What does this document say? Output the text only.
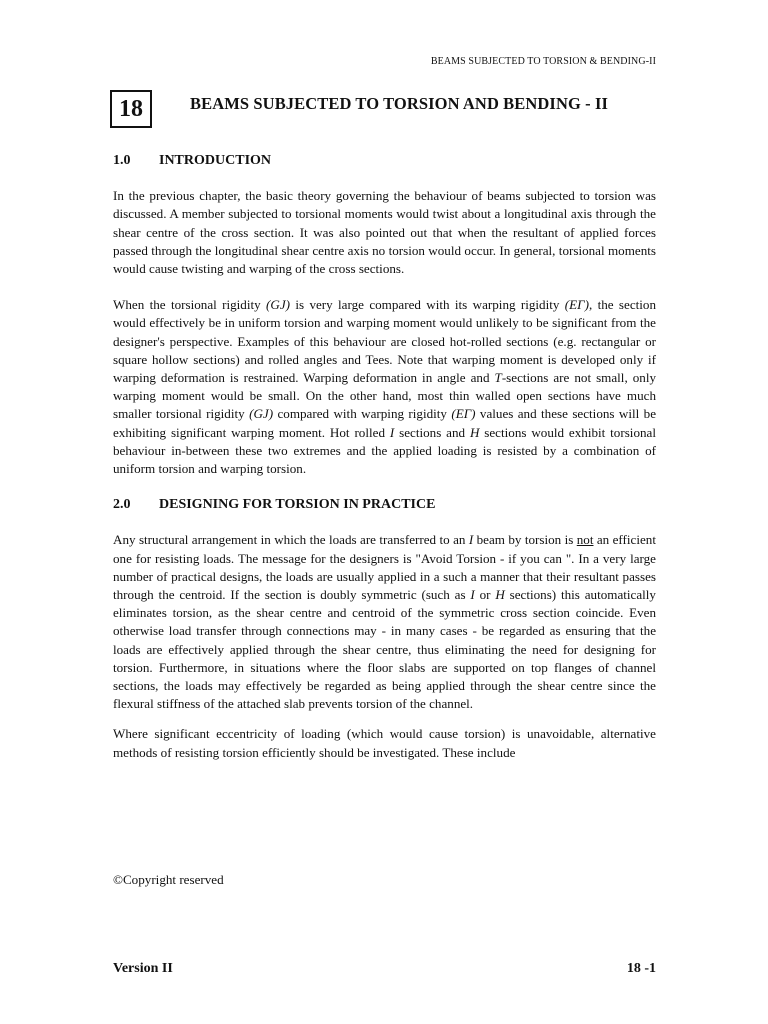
BEAMS SUBJECTED TO TORSION & BENDING-II
18	BEAMS SUBJECTED TO TORSION AND BENDING - II
1.0	INTRODUCTION

In the previous chapter, the basic theory governing the behaviour of beams subjected to torsion was discussed. A member subjected to torsional moments would twist about a longitudinal axis through the shear centre of the cross section. It was also pointed out that when the resultant of applied forces passed through the longitudinal shear centre axis no torsion would occur. In general, torsional moments would cause twisting and warping of the cross sections.

When the torsional rigidity (GJ) is very large compared with its warping rigidity (EΓ), the section would effectively be in uniform torsion and warping moment would unlikely to be significant from the designer's perspective. Examples of this behaviour are closed hot-rolled sections (e.g. rectangular or square hollow sections) and rolled angles and Tees. Note that warping moment is developed only if warping deformation is restrained. Warping deformation in angle and T-sections are not small, only warping moment would be small. On the other hand, most thin walled open sections have much smaller torsional rigidity (GJ) compared with warping rigidity (EΓ) values and these sections will be exhibiting significant warping moment. Hot rolled I sections and H sections would exhibit torsional behaviour in-between these two extremes and the applied loading is resisted by a combination of uniform torsion and warping torsion.

2.0	DESIGNING FOR TORSION IN PRACTICE

Any structural arrangement in which the loads are transferred to an I beam by torsion is not an efficient one for resisting loads. The message for the designers is "Avoid Torsion - if you can ". In a very large number of practical designs, the loads are usually applied in a such a manner that their resultant passes through the centroid. If the section is doubly symmetric (such as I or H sections) this automatically eliminates torsion, as the shear centre and centroid of the symmetric cross section coincide. Even otherwise load transfer through connections may - in many cases - be regarded as ensuring that the loads are effectively applied through the shear centre, thus eliminating the need for designing for torsion. Furthermore, in situations where the floor slabs are supported on top flanges of channel sections, the loads may effectively be regarded as being applied through the shear centre since the flexural stiffness of the attached slab prevents torsion of the channel.

Where significant eccentricity of loading (which would cause torsion) is unavoidable, alternative methods of resisting torsion efficiently should be investigated. These include

©Copyright reserved
Version II	18 -1
